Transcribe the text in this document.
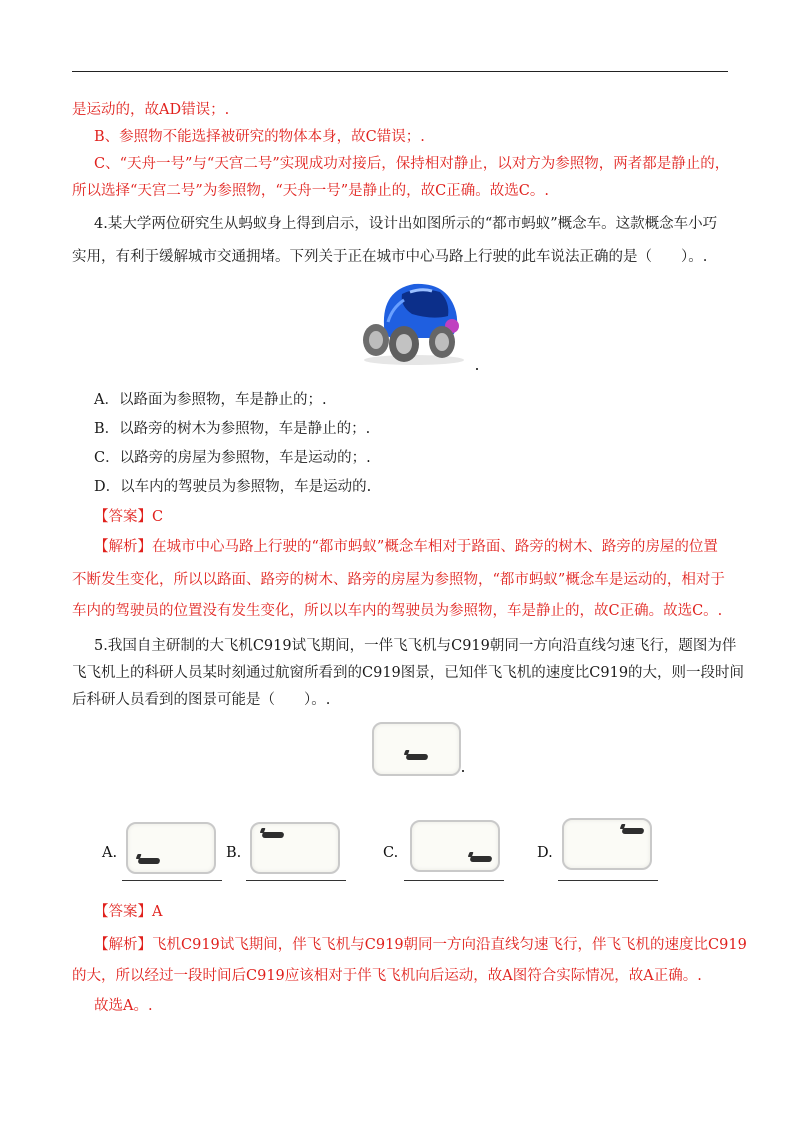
是运动的，故AD错误；.
B、参照物不能选择被研究的物体本身，故C错误；.
C、“天舟一号”与“天宫二号”实现成功对接后，保持相对静止，以对方为参照物，两者都是静止的，
所以选择“天宫二号”为参照物，“天舟一号”是静止的，故C正确。故选C。.
4.某大学两位研究生从蚂蚁身上得到启示，设计出如图所示的“都市蚂蚁”概念车。这款概念车小巧
实用，有利于缓解城市交通拥堵。下列关于正在城市中心马路上行驶的此车说法正确的是（　　）。.
A．以路面为参照物，车是静止的；.
B．以路旁的树木为参照物，车是静止的；.
C．以路旁的房屋为参照物，车是运动的；.
D．以车内的驾驶员为参照物，车是运动的.
【答案】C
【解析】在城市中心马路上行驶的“都市蚂蚁”概念车相对于路面、路旁的树木、路旁的房屋的位置
不断发生变化，所以以路面、路旁的树木、路旁的房屋为参照物，“都市蚂蚁”概念车是运动的，相对于
车内的驾驶员的位置没有发生变化，所以以车内的驾驶员为参照物，车是静止的，故C正确。故选C。.
5.我国自主研制的大飞机C919试飞期间，一伴飞飞机与C919朝同一方向沿直线匀速飞行，题图为伴
飞飞机上的科研人员某时刻通过航窗所看到的C919图景，已知伴飞飞机的速度比C919的大，则一段时间
后科研人员看到的图景可能是（　　）。.
A.	B.	C.	D.
【答案】A
【解析】飞机C919试飞期间，伴飞飞机与C919朝同一方向沿直线匀速飞行，伴飞飞机的速度比C919
的大，所以经过一段时间后C919应该相对于伴飞飞机向后运动，故A图符合实际情况，故A正确。.
故选A。.
